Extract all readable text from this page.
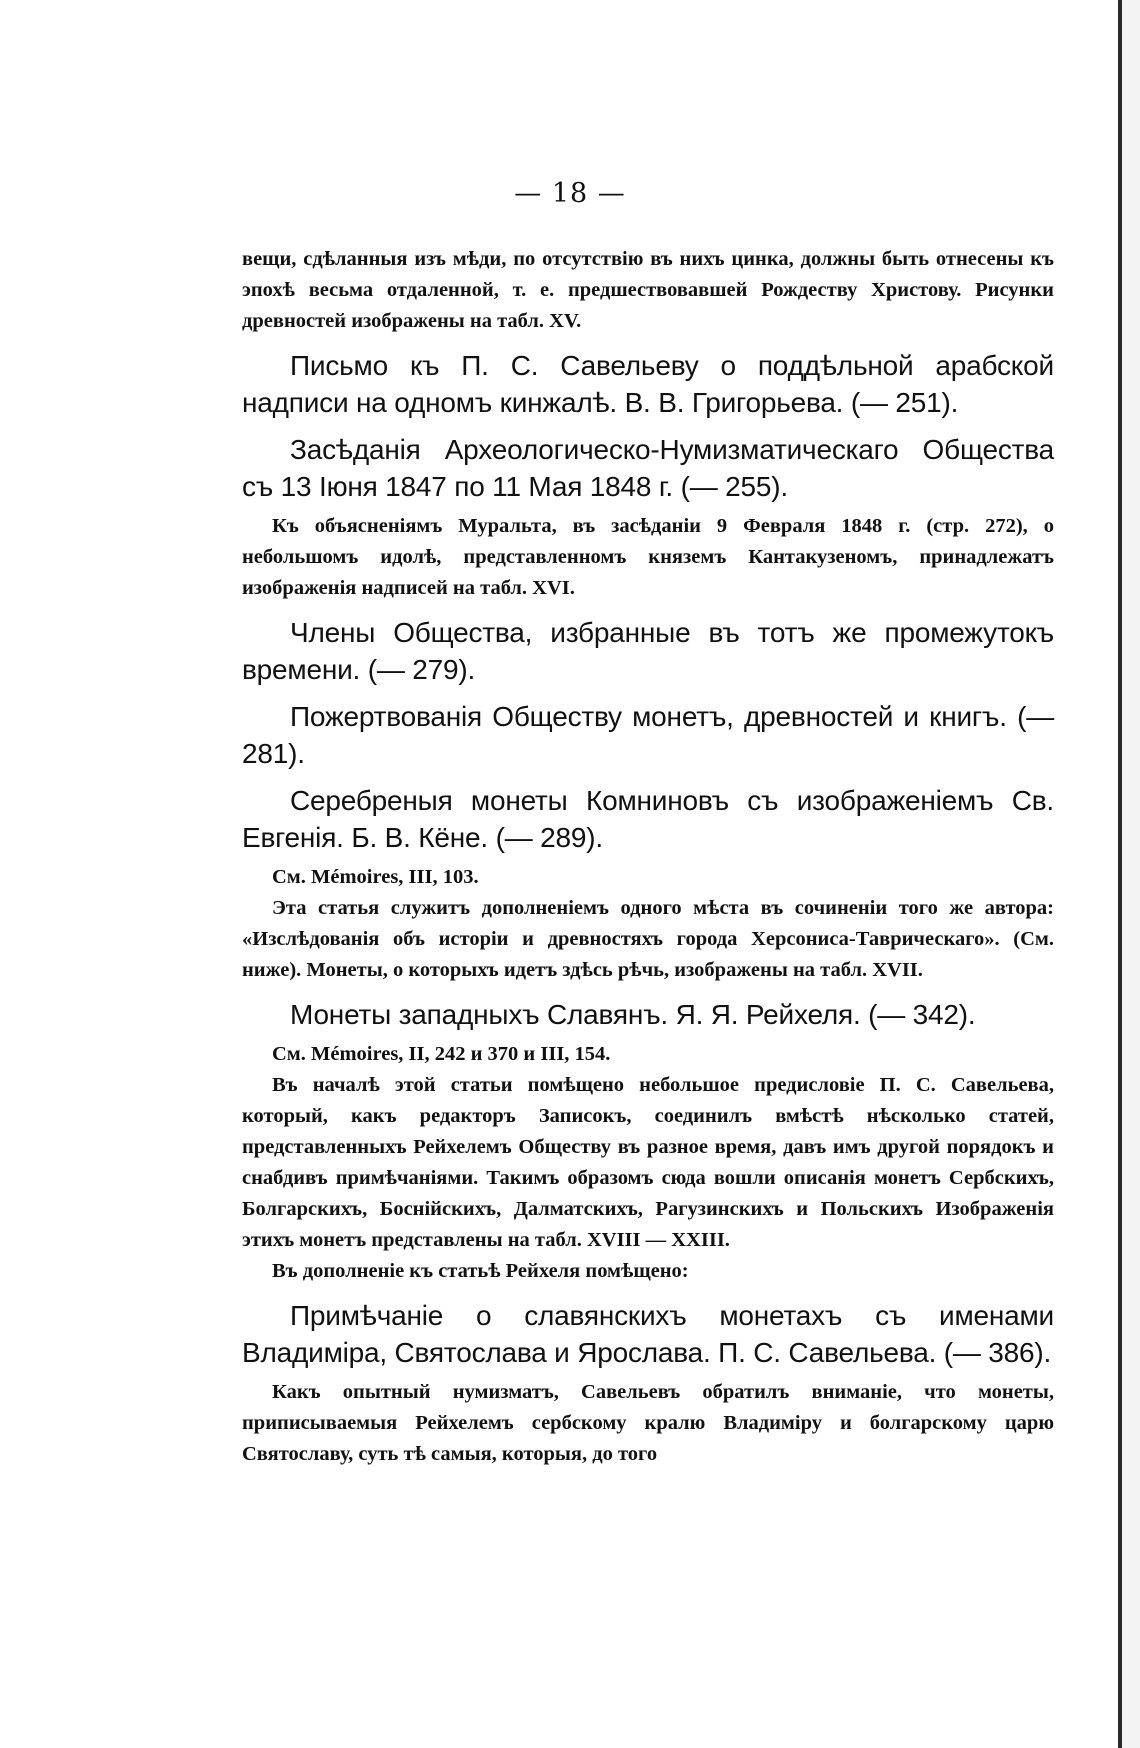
— 18 —

вещи, сдѣланныя изъ мѣди, по отсутствію въ нихъ цинка, должны быть отнесены къ эпохѣ весьма отдаленной, т. е. предшествовавшей Рождеству Христову. Рисунки древностей изображены на табл. XV.

Письмо къ П. С. Савельеву о поддѣльной арабской надписи на одномъ кинжалѣ. В. В. Григорьева. (— 251).

Засѣданія Археологическо-Нумизматическаго Общества съ 13 Іюня 1847 по 11 Мая 1848 г. (— 255).

Къ объясненіямъ Муральта, въ засѣданіи 9 Февраля 1848 г. (стр. 272), о небольшомъ идолѣ, представленномъ княземъ Кантакузеномъ, принадлежатъ изображенія надписей на табл. XVI.

Члены Общества, избранные въ тотъ же промежутокъ времени. (— 279).

Пожертвованія Обществу монетъ, древностей и книгъ. (— 281).

Серебреныя монеты Комниновъ съ изображеніемъ Св. Евгенія. Б. В. Кёне. (— 289).

См. Mémoires, III, 103.

Эта статья служитъ дополненіемъ одного мѣста въ сочиненіи того же автора: «Изслѣдованія объ исторіи и древностяхъ города Херсониса-Таврическаго». (См. ниже). Монеты, о которыхъ идетъ здѣсь рѣчь, изображены на табл. XVII.

Монеты западныхъ Славянъ. Я. Я. Рейхеля. (— 342).

См. Mémoires, II, 242 и 370 и III, 154.

Въ началѣ этой статьи помѣщено небольшое предисловіе П. С. Савельева, который, какъ редакторъ Записокъ, соединилъ вмѣстѣ нѣсколько статей, представленныхъ Рейхелемъ Обществу въ разное время, давъ имъ другой порядокъ и снабдивъ примѣчаніями. Такимъ образомъ сюда вошли описанія монетъ Сербскихъ, Болгарскихъ, Боснійскихъ, Далматскихъ, Рагузинскихъ и Польскихъ Изображенія этихъ монетъ представлены на табл. XVIII — XXIII.

Въ дополненіе къ статьѣ Рейхеля помѣщено:

Примѣчаніе о славянскихъ монетахъ съ именами Владиміра, Святослава и Ярослава. П. С. Савельева. (— 386).

Какъ опытный нумизматъ, Савельевъ обратилъ вниманіе, что монеты, приписываемыя Рейхелемъ сербскому кралю Владиміру и болгарскому царю Святославу, суть тѣ самыя, которыя, до того
